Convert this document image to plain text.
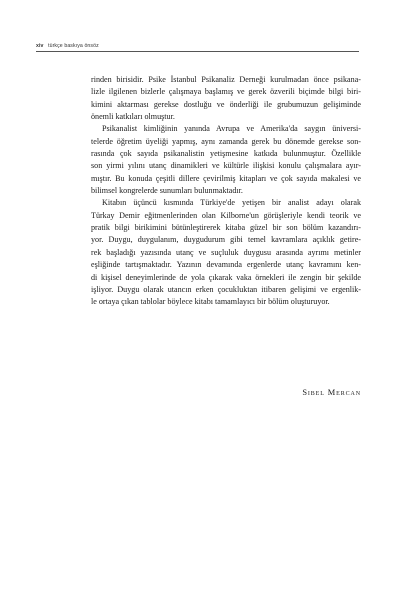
xiv türkçe baskıya önsöz

rinden birisidir. Psike İstanbul Psikanaliz Derneği kurulmadan önce psikana-
lizle ilgilenen bizlerle çalışmaya başlamış ve gerek özverili biçimde bilgi biri-
kimini aktarması gerekse dostluğu ve önderliği ile grubumuzun gelişiminde
önemli katkıları olmuştur.

Psikanalist kimliğinin yanında Avrupa ve Amerika'da saygın üniversi-
telerde öğretim üyeliği yapmış, aynı zamanda gerek bu dönemde gerekse son-
rasında çok sayıda psikanalistin yetişmesine katkıda bulunmuştur. Özellikle
son yirmi yılını utanç dinamikleri ve kültürle ilişkisi konulu çalışmalara ayır-
mıştır. Bu konuda çeşitli dillere çevirilmiş kitapları ve çok sayıda makalesi ve
bilimsel kongrelerde sunumları bulunmaktadır.

Kitabın üçüncü kısmında Türkiye'de yetişen bir analist adayı olarak
Türkay Demir eğitmenlerinden olan Kilborne'un görüşleriyle kendi teorik ve
pratik bilgi birikimini bütünleştirerek kitaba güzel bir son bölüm kazandırı-
yor. Duygu, duygulanım, duygudurum gibi temel kavramlara açıklık getire-
rek başladığı yazısında utanç ve suçluluk duygusu arasında ayrımı metinler
eşliğinde tartışmaktadır. Yazının devamında ergenlerde utanç kavramını ken-
di kişisel deneyimlerinde de yola çıkarak vaka örnekleri ile zengin bir şekilde
işliyor. Duygu olarak utancın erken çocukluktan itibaren gelişimi ve ergenlik-
le ortaya çıkan tablolar böylece kitabı tamamlayıcı bir bölüm oluşturuyor.

Sibel Mercan
